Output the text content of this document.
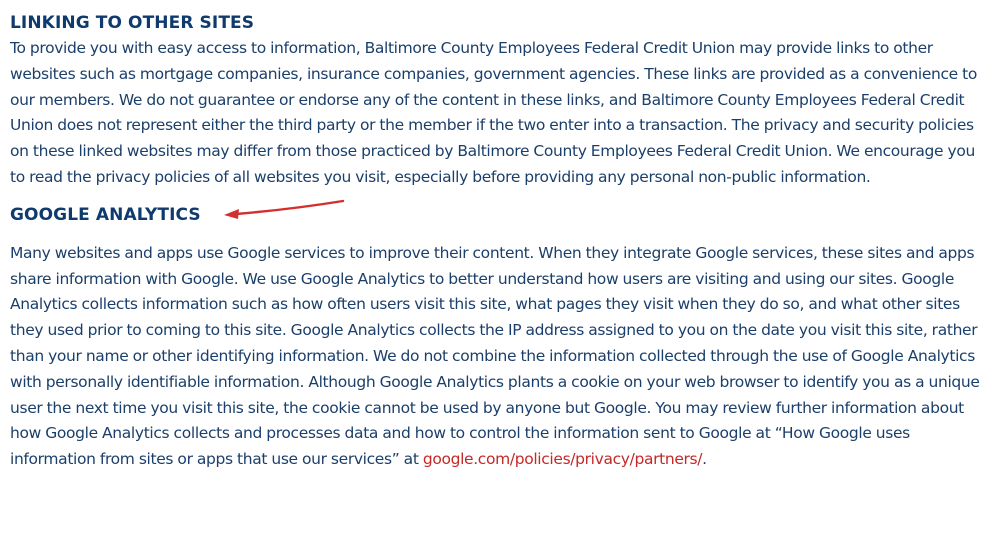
LINKING TO OTHER SITES

To provide you with easy access to information, Baltimore County Employees Federal Credit Union may provide links to other websites such as mortgage companies, insurance companies, government agencies. These links are provided as a convenience to our members. We do not guarantee or endorse any of the content in these links, and Baltimore County Employees Federal Credit Union does not represent either the third party or the member if the two enter into a transaction. The privacy and security policies on these linked websites may differ from those practiced by Baltimore County Employees Federal Credit Union. We encourage you to read the privacy policies of all websites you visit, especially before providing any personal non-public information.

GOOGLE ANALYTICS

Many websites and apps use Google services to improve their content. When they integrate Google services, these sites and apps share information with Google. We use Google Analytics to better understand how users are visiting and using our sites. Google Analytics collects information such as how often users visit this site, what pages they visit when they do so, and what other sites they used prior to coming to this site. Google Analytics collects the IP address assigned to you on the date you visit this site, rather than your name or other identifying information. We do not combine the information collected through the use of Google Analytics with personally identifiable information. Although Google Analytics plants a cookie on your web browser to identify you as a unique user the next time you visit this site, the cookie cannot be used by anyone but Google. You may review further information about how Google Analytics collects and processes data and how to control the information sent to Google at “How Google uses information from sites or apps that use our services” at google.com/policies/privacy/partners/.
